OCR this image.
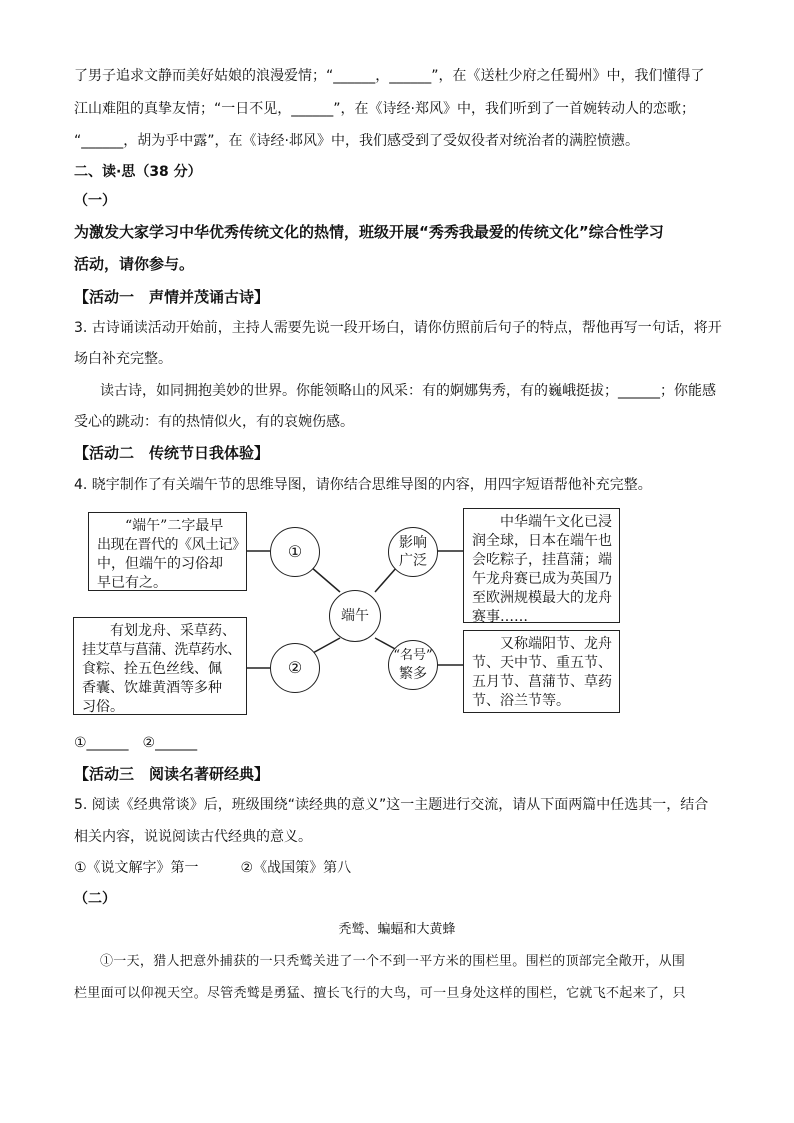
了男子追求文静而美好姑娘的浪漫爱情；“______，______”，在《送杜少府之任蜀州》中，我们懂得了
江山难阻的真挚友情；“一日不见，______”，在《诗经·郑风》中，我们听到了一首婉转动人的恋歌；
“______，胡为乎中露”，在《诗经·邶风》中，我们感受到了受奴役者对统治者的满腔愤懑。
二、读·思（38 分）
（一）
为激发大家学习中华优秀传统文化的热情，班级开展“秀秀我最爱的传统文化”综合性学习
活动，请你参与。
【活动一　声情并茂诵古诗】
3. 古诗诵读活动开始前，主持人需要先说一段开场白，请你仿照前后句子的特点，帮他再写一句话，将开
场白补充完整。
读古诗，如同拥抱美妙的世界。你能领略山的风采：有的婀娜隽秀，有的巍峨挺拔；______；你能感
受心的跳动：有的热情似火，有的哀婉伤感。
【活动二　传统节日我体验】
4. 晓宇制作了有关端午节的思维导图，请你结合思维导图的内容，用四字短语帮他补充完整。
“端午”二字最早
出现在晋代的《风土记》
中，但端午的习俗却
早已有之。
有划龙舟、采草药、
挂艾草与菖蒲、洗草药水、
食粽、拴五色丝线、佩
香囊、饮雄黄酒等多种
习俗。
①
②
端午
影响
广泛
“名号”
繁多
中华端午文化已浸
润全球，日本在端午也
会吃粽子，挂菖蒲；端
午龙舟赛已成为英国乃
至欧洲规模最大的龙舟
赛事……
又称端阳节、龙舟
节、天中节、重五节、
五月节、菖蒲节、草药
节、浴兰节等。
①______　②______
【活动三　阅读名著研经典】
5. 阅读《经典常谈》后，班级围绕“读经典的意义”这一主题进行交流，请从下面两篇中任选其一，结合
相关内容，说说阅读古代经典的意义。
①《说文解字》第一　　　②《战国策》第八
（二）
秃鹫、蝙蝠和大黄蜂
①一天，猎人把意外捕获的一只秃鹫关进了一个不到一平方米的围栏里。围栏的顶部完全敞开，从围
栏里面可以仰视天空。尽管秃鹫是勇猛、擅长飞行的大鸟，可一旦身处这样的围栏，它就飞不起来了，只
